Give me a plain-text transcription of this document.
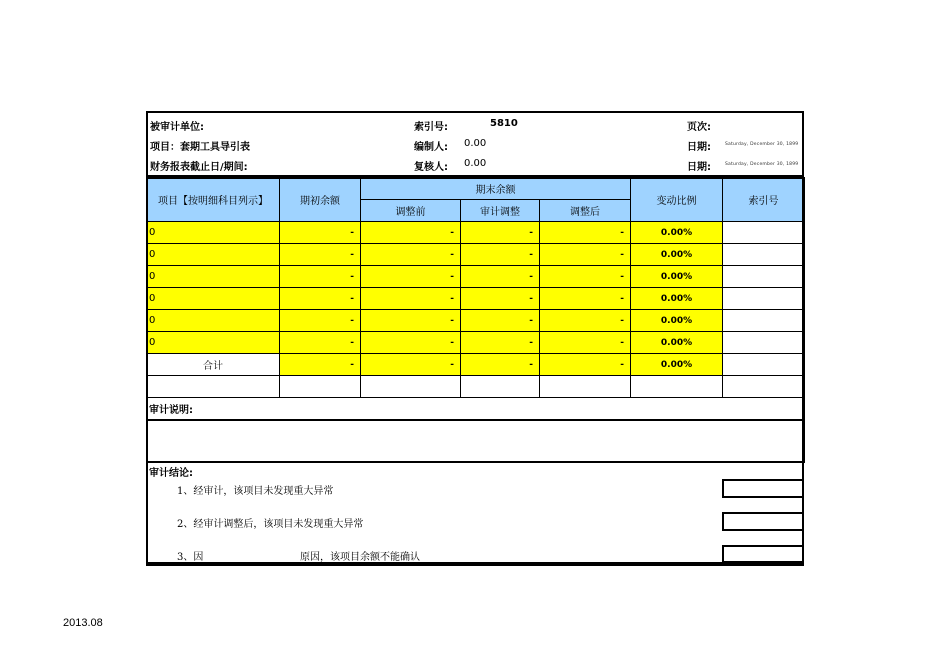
被审计单位:
项目：套期工具导引表
财务报表截止日/期间:
索引号:	5810
编制人: 0.00
复核人: 0.00
页次:
日期:	Saturday, December 30, 1899
日期:	Saturday, December 30, 1899
项目【按明细科目列示】	期初余额	期末余额			变动比例	索引号
		调整前	审计调整	调整后		
0	-	-	-	-	0.00%	
0	-	-	-	-	0.00%	
0	-	-	-	-	0.00%	
0	-	-	-	-	0.00%	
0	-	-	-	-	0.00%	
0	-	-	-	-	0.00%	
合计	-	-	-	-	0.00%	

审计说明:						

审计结论:
1、经审计，该项目未发现重大异常
2、经审计调整后，该项目未发现重大异常
3、因	原因，该项目余额不能确认
2013.08
